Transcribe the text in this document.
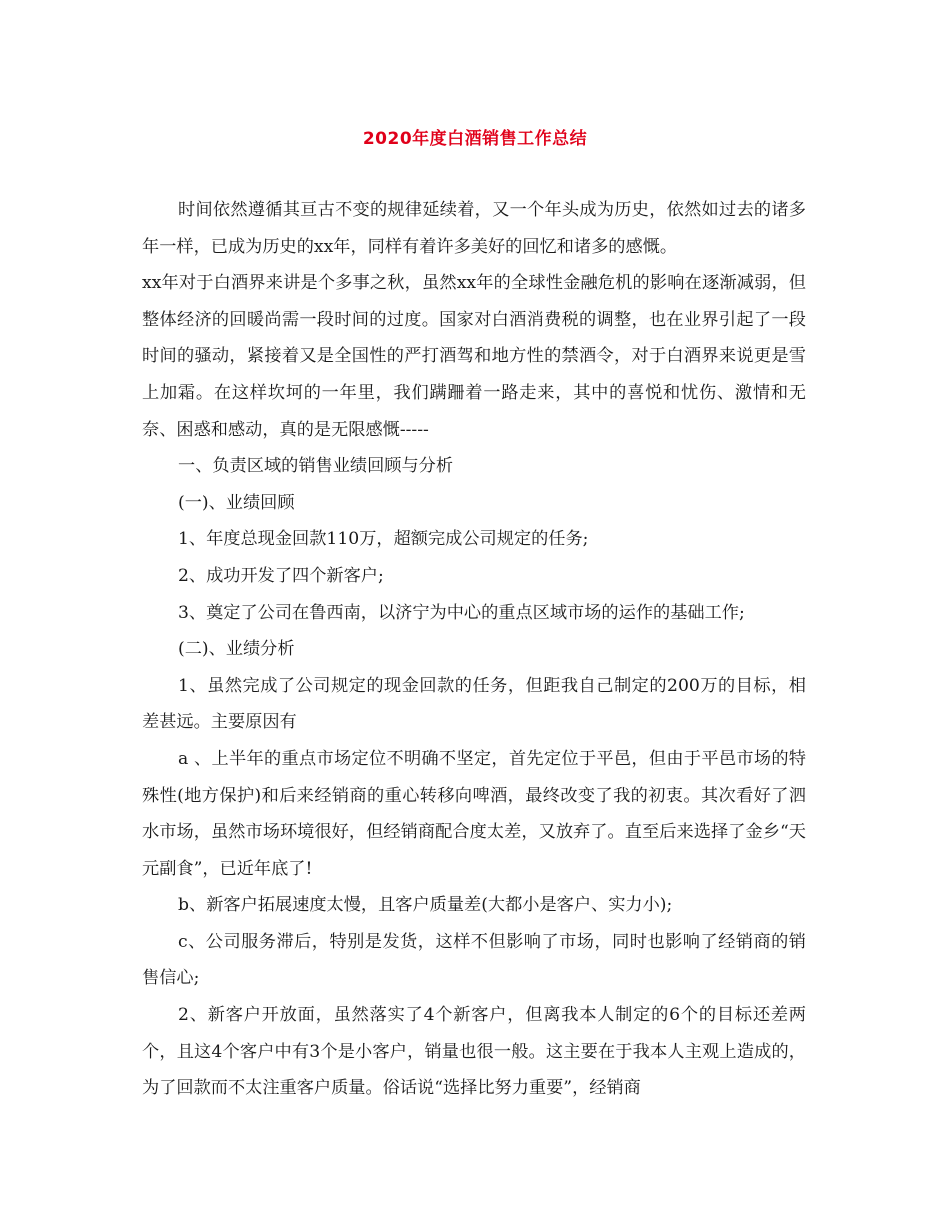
2020年度白酒销售工作总结

时间依然遵循其亘古不变的规律延续着，又一个年头成为历史，依然如过去的诸多年一样，已成为历史的xx年，同样有着许多美好的回忆和诸多的感慨。

xx年对于白酒界来讲是个多事之秋，虽然xx年的全球性金融危机的影响在逐渐减弱，但整体经济的回暖尚需一段时间的过度。国家对白酒消费税的调整，也在业界引起了一段时间的骚动，紧接着又是全国性的严打酒驾和地方性的禁酒令，对于白酒界来说更是雪上加霜。在这样坎坷的一年里，我们蹒跚着一路走来，其中的喜悦和忧伤、激情和无奈、困惑和感动，真的是无限感慨-----

一、负责区域的销售业绩回顾与分析

(一)、业绩回顾

1、年度总现金回款110万，超额完成公司规定的任务;

2、成功开发了四个新客户;

3、奠定了公司在鲁西南，以济宁为中心的重点区域市场的运作的基础工作;

(二)、业绩分析

1、虽然完成了公司规定的现金回款的任务，但距我自己制定的200万的目标，相差甚远。主要原因有

a 、上半年的重点市场定位不明确不坚定，首先定位于平邑，但由于平邑市场的特殊性(地方保护)和后来经销商的重心转移向啤酒，最终改变了我的初衷。其次看好了泗水市场，虽然市场环境很好，但经销商配合度太差，又放弃了。直至后来选择了金乡“天元副食”，已近年底了!

b、新客户拓展速度太慢，且客户质量差(大都小是客户、实力小);

c、公司服务滞后，特别是发货，这样不但影响了市场，同时也影响了经销商的销售信心;

2、新客户开放面，虽然落实了4个新客户，但离我本人制定的6个的目标还差两个，且这4个客户中有3个是小客户，销量也很一般。这主要在于我本人主观上造成的，为了回款而不太注重客户质量。俗话说“选择比努力重要”，经销商
